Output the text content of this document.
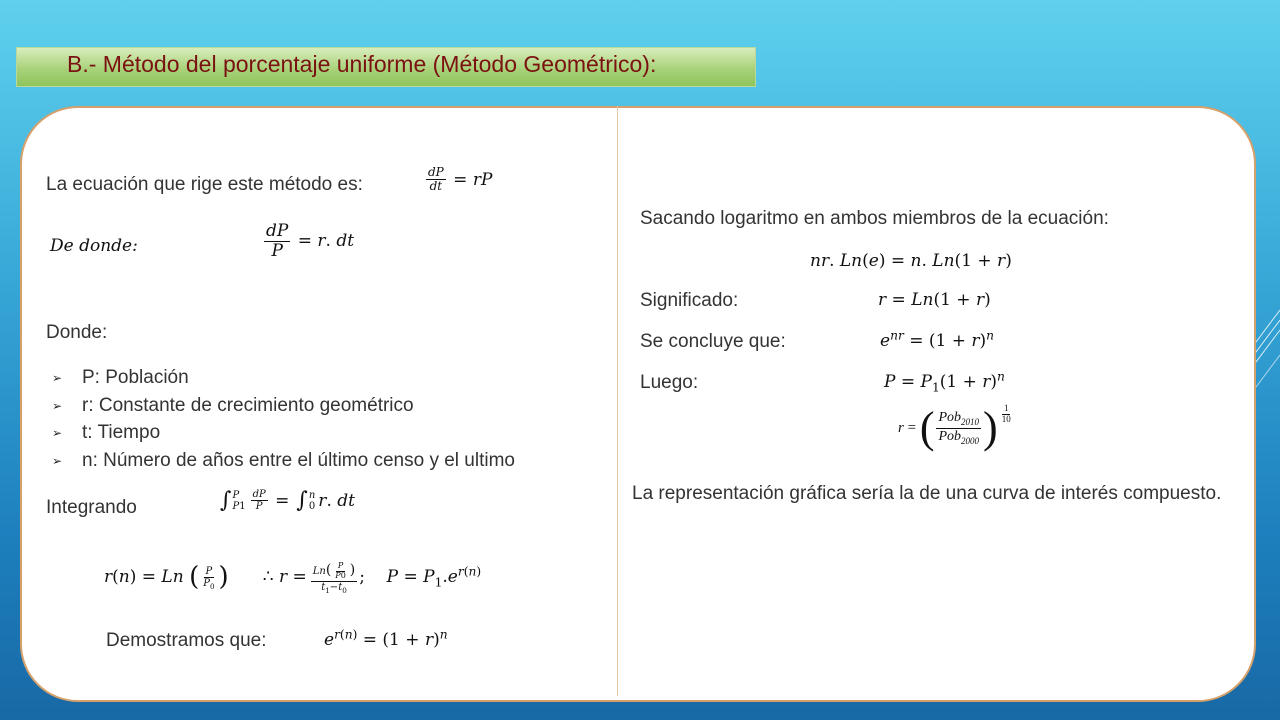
B.- Método del porcentaje uniforme (Método Geométrico):
La ecuación que rige este método es:	$\frac{dP}{dt}$ = rP
De donde:	$\frac{dP}{P} = r$. dt
Donde:
➢ P: Población
➢ r: Constante de crecimiento geométrico
➢ t: Tiempo
➢ n: Número de años entre el último censo y el ultimo
Integrando	∫ P
$P1 \frac{dP}{P}$ = ∫ n
0 r. dt
r ( n ) = Ln
( $\frac{P}{P_0}$ ) ∴ $r = \frac{Ln( \frac{P}{P0} )}{t_1-t_0}$ ;    $P = P_1.e^{r(n)}$
Demostramos que:	$e^{r(n)} = (1 + r)^n$
Sacando logaritmo en ambos miembros de la ecuación:
nr. Ln(e) = n. Ln(1 + r)
Significado:	r = Ln(1 + r)
Se concluye que:	$e^{nr} = (1 + r)^n$
Luego:	$P = P_1(1 + r)^n$
r = ( $\frac{Pob_{2010}}{Pob_{2000}}$ ) $\frac{1}{10}$
La representación gráfica sería la de una curva de interés compuesto.
